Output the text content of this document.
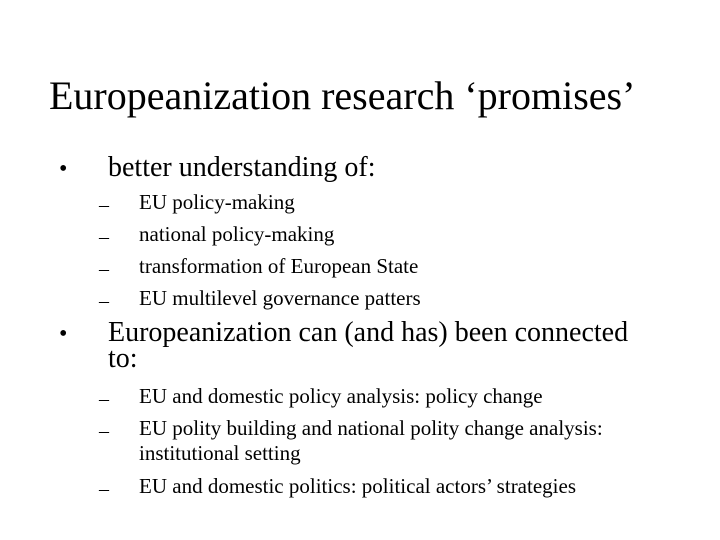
Europeanization research ‘promises’
• better understanding of:
– EU policy-making
– national policy-making
– transformation of European State
– EU multilevel governance patters
• Europeanization can (and has) been connected to:
– EU and domestic policy analysis: policy change
– EU polity building and national polity change analysis: institutional setting
– EU and domestic politics: political actors’ strategies
